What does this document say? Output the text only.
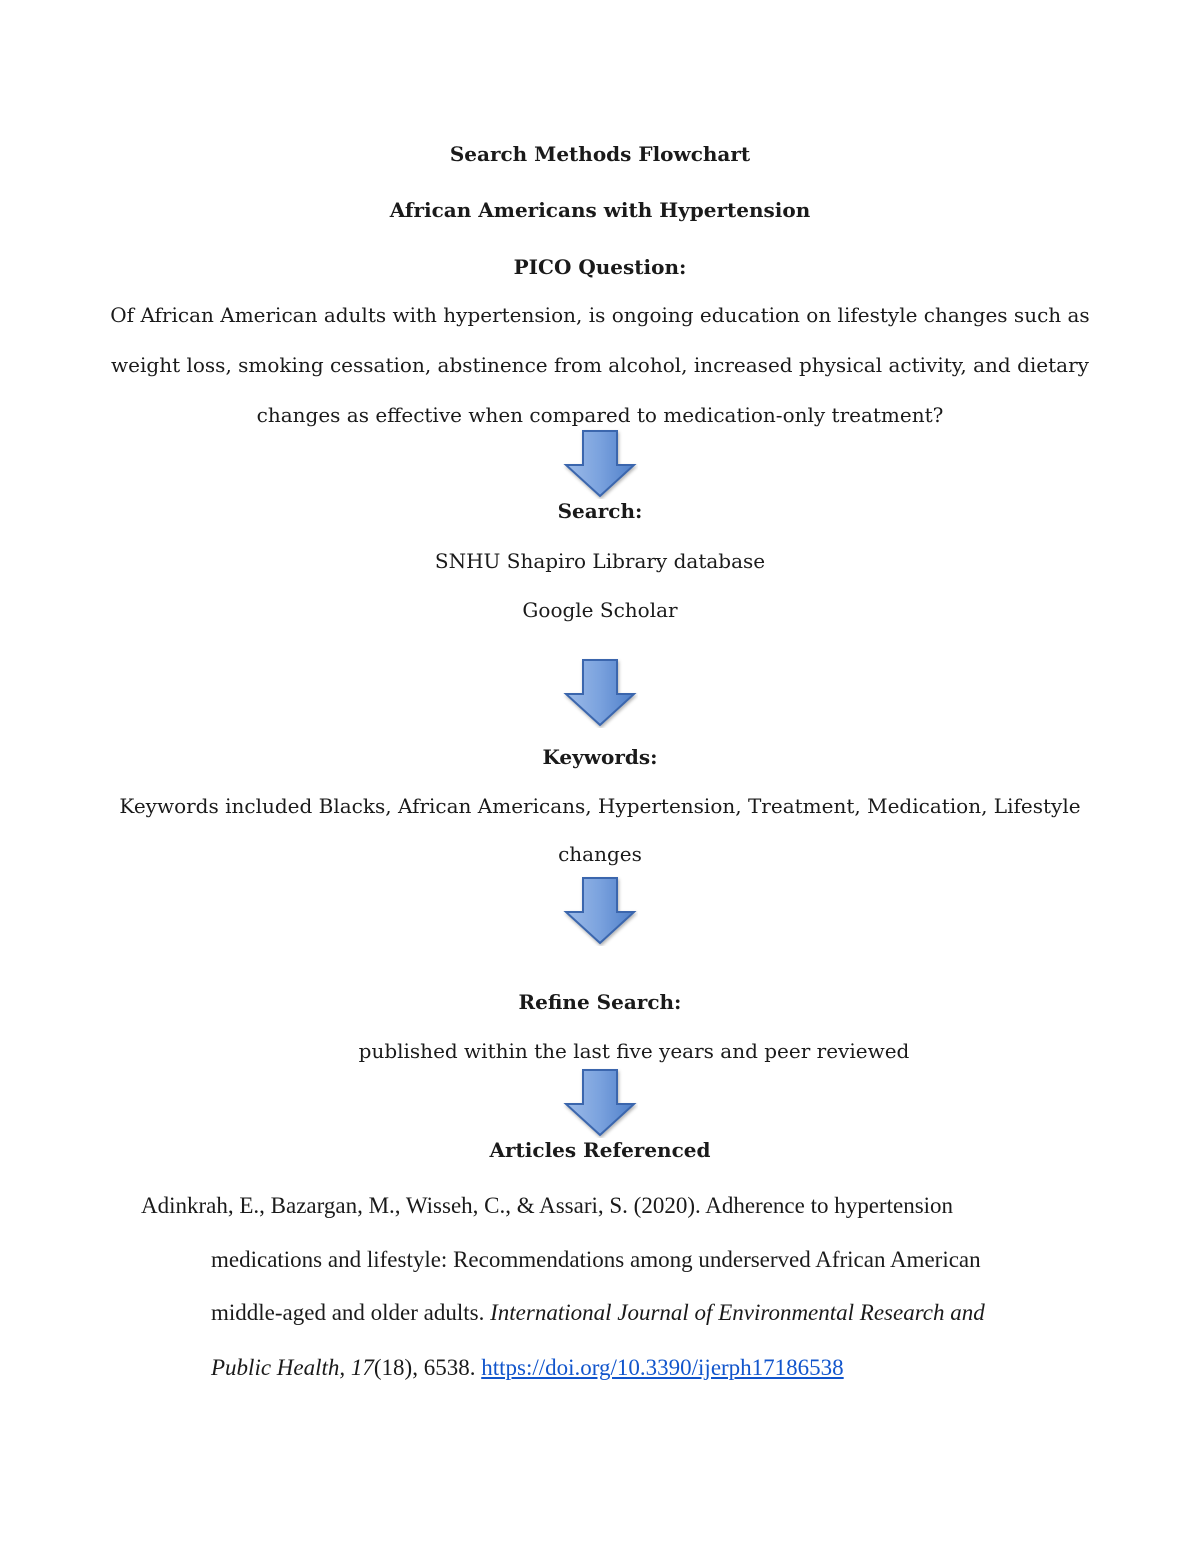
Search Methods Flowchart
African Americans with Hypertension
PICO Question:
Of African American adults with hypertension, is ongoing education on lifestyle changes such as
weight loss, smoking cessation, abstinence from alcohol, increased physical activity, and dietary
changes as effective when compared to medication-only treatment?
Search:
SNHU Shapiro Library database
Google Scholar
Keywords:
Keywords included Blacks, African Americans, Hypertension, Treatment, Medication, Lifestyle
changes
Refine Search:
published within the last five years and peer reviewed
Articles Referenced
Adinkrah, E., Bazargan, M., Wisseh, C., & Assari, S. (2020). Adherence to hypertension
medications and lifestyle: Recommendations among underserved African American
middle-aged and older adults. International Journal of Environmental Research and
Public Health, 17(18), 6538. https://doi.org/10.3390/ijerph17186538
